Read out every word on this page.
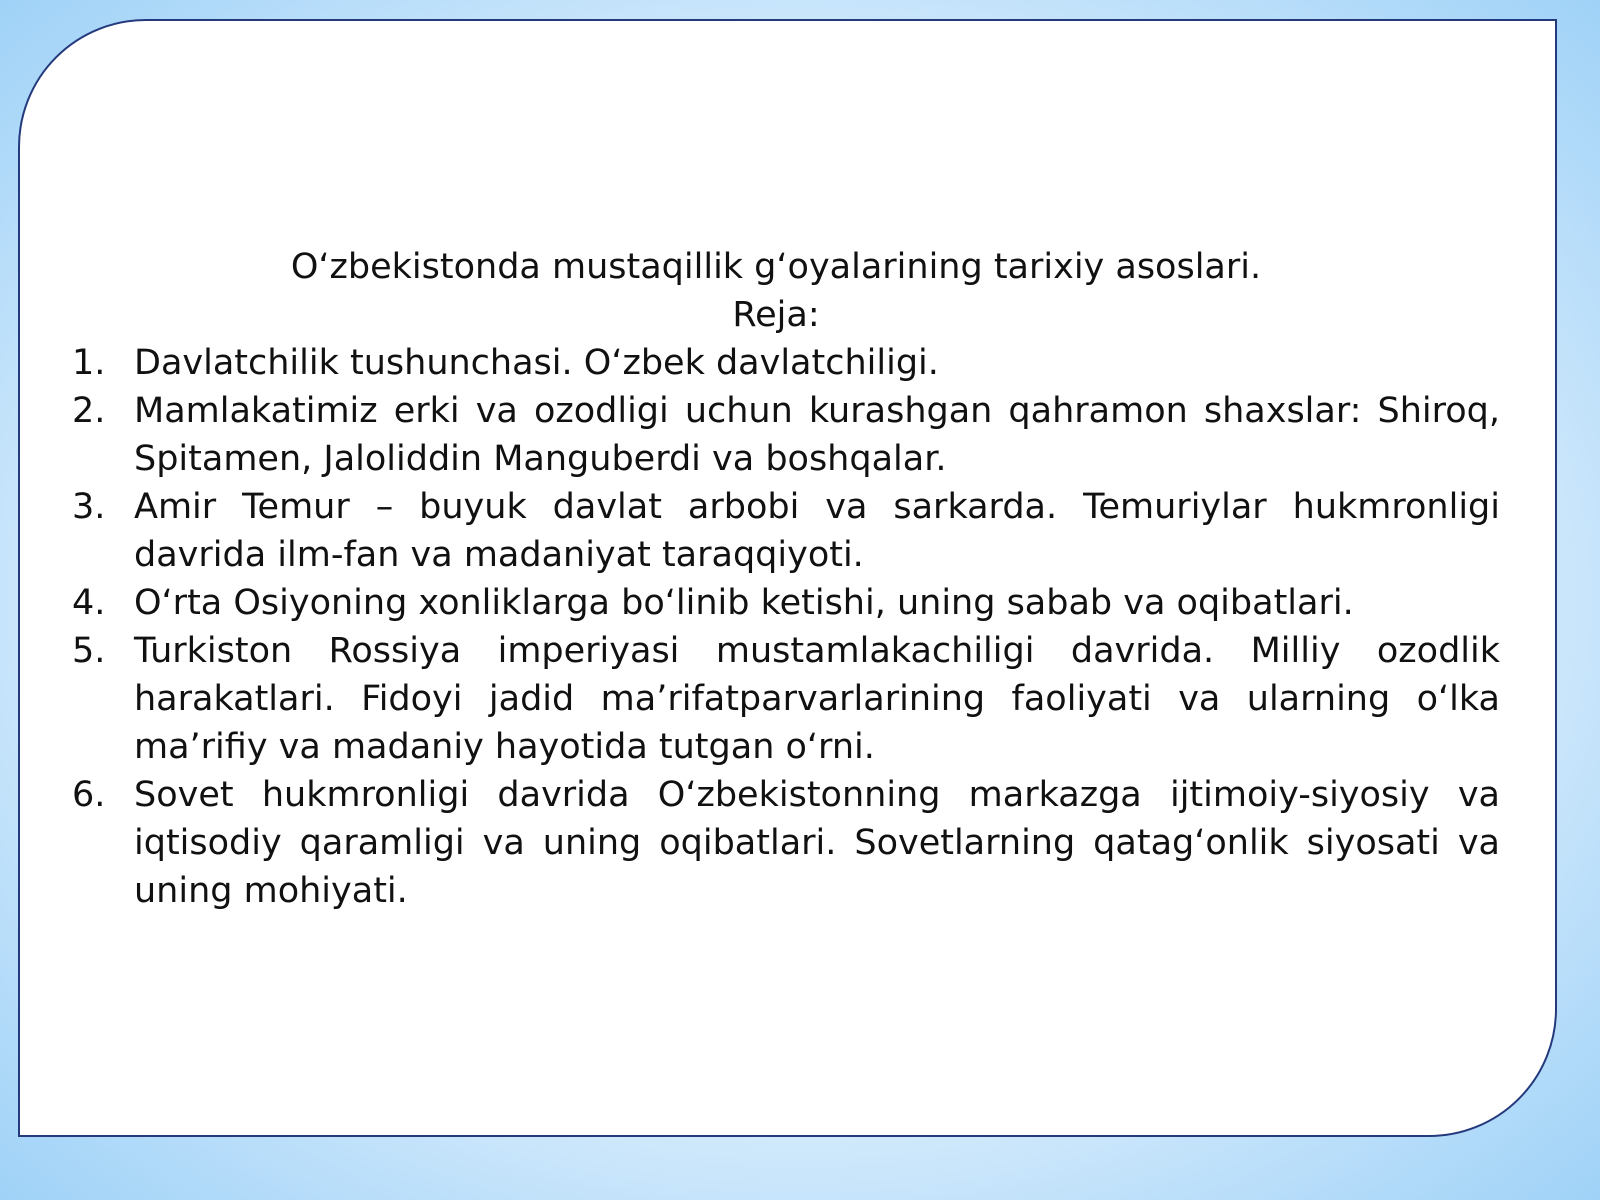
O‘zbekistonda mustaqillik g‘oyalarining tarixiy asoslari.
Reja:
1. Davlatchilik tushunchasi. O‘zbek davlatchiligi.
2. Mamlakatimiz erki va ozodligi uchun kurashgan qahramon shaxslar: Shiroq, Spitamen, Jaloliddin Manguberdi va boshqalar.
3. Amir Temur – buyuk davlat arbobi va sarkarda. Temuriylar hukmronligi davrida ilm-fan va madaniyat taraqqiyoti.
4. O‘rta Osiyoning xonliklarga bo‘linib ketishi, uning sabab va oqibatlari.
5. Turkiston Rossiya imperiyasi mustamlakachiligi davrida. Milliy ozodlik harakatlari. Fidoyi jadid ma’rifatparvarlarining faoliyati va ularning o‘lka ma’rifiy va madaniy hayotida tutgan o‘rni.
6. Sovet hukmronligi davrida O‘zbekistonning markazga ijtimoiy-siyosiy va iqtisodiy qaramligi va uning oqibatlari. Sovetlarning qatag‘onlik siyosati va uning mohiyati.
